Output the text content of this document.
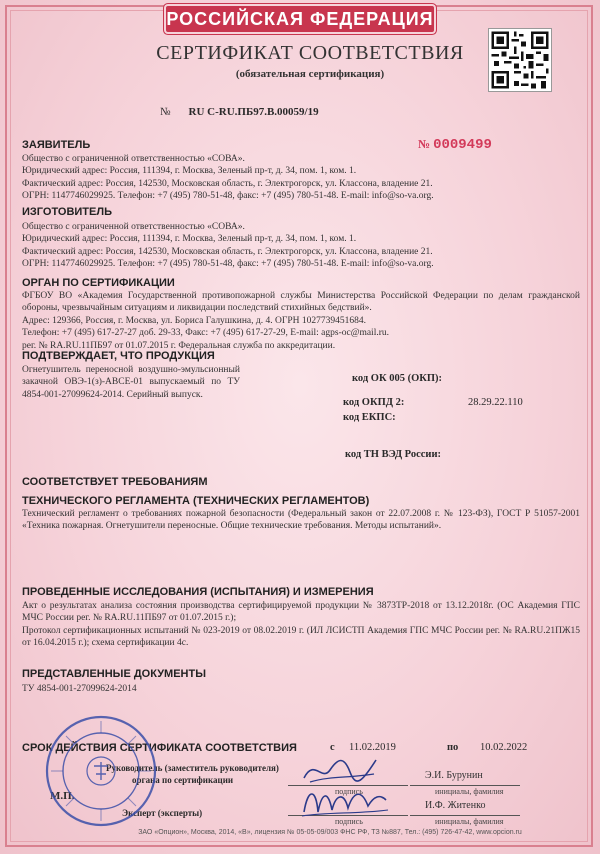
РОССИЙСКАЯ ФЕДЕРАЦИЯ
СЕРТИФИКАТ СООТВЕТСТВИЯ
(обязательная сертификация)
№ RU C-RU.ПБ97.В.00059/19
ЗАЯВИТЕЛЬ	№ 0009499
Общество с ограниченной ответственностью «СОВА».
Юридический адрес: Россия, 111394, г. Москва, Зеленый пр-т, д. 34, пом. 1, ком. 1.
Фактический адрес: Россия, 142530, Московская область, г. Электрогорск, ул. Классона, владение 21.
ОГРН: 1147746029925. Телефон: +7 (495) 780-51-48, факс: +7 (495) 780-51-48. E-mail: info@so-va.org.
ИЗГОТОВИТЕЛЬ
Общество с ограниченной ответственностью «СОВА».
Юридический адрес: Россия, 111394, г. Москва, Зеленый пр-т, д. 34, пом. 1, ком. 1.
Фактический адрес: Россия, 142530, Московская область, г. Электрогорск, ул. Классона, владение 21.
ОГРН: 1147746029925. Телефон: +7 (495) 780-51-48, факс: +7 (495) 780-51-48. E-mail: info@so-va.org.
ОРГАН ПО СЕРТИФИКАЦИИ
ФГБОУ ВО «Академия Государственной противопожарной службы Министерства Российской Федерации по делам гражданской обороны, чрезвычайным ситуациям и ликвидации последствий стихийных бедствий».
Адрес: 129366, Россия, г. Москва, ул. Бориса Галушкина, д. 4. ОГРН 1027739451684.
Телефон: +7 (495) 617-27-27 доб. 29-33, Факс: +7 (495) 617-27-29, E-mail: agps-oc@mail.ru.
рег. № RA.RU.11ПБ97 от 01.07.2015 г. Федеральная служба по аккредитации.
ПОДТВЕРЖДАЕТ, ЧТО ПРОДУКЦИЯ
Огнетушитель переносной воздушно-эмульсионный закачной ОВЭ-1(з)-АВСЕ-01 выпускаемый по ТУ 4854-001-27099624-2014. Серийный выпуск.
код ОК 005 (ОКП):
код ОКПД 2:	28.29.22.110
код ЕКПС:
код ТН ВЭД России:
СООТВЕТСТВУЕТ ТРЕБОВАНИЯМ
ТЕХНИЧЕСКОГО РЕГЛАМЕНТА (ТЕХНИЧЕСКИХ РЕГЛАМЕНТОВ)
Технический регламент о требованиях пожарной безопасности (Федеральный закон от 22.07.2008 г. № 123-ФЗ), ГОСТ Р 51057-2001 «Техника пожарная. Огнетушители переносные. Общие технические требования. Методы испытаний».
ПРОВЕДЕННЫЕ ИССЛЕДОВАНИЯ (ИСПЫТАНИЯ) И ИЗМЕРЕНИЯ
Акт о результатах анализа состояния производства сертифицируемой продукции № 3873ТР-2018 от 13.12.2018г. (ОС Академия ГПС МЧС России рег. № RA.RU.11ПБ97 от 01.07.2015 г.);
Протокол сертификационных испытаний № 023-2019 от 08.02.2019 г. (ИЛ ЛСИСТП Академия ГПС МЧС России рег. № RA.RU.21ПЖ15 от 16.04.2015 г.); схема сертификации 4с.
ПРЕДСТАВЛЕННЫЕ ДОКУМЕНТЫ
ТУ 4854-001-27099624-2014
СРОК ДЕЙСТВИЯ СЕРТИФИКАТА СООТВЕТСТВИЯ	с 11.02.2019	по 10.02.2022
Руководитель (заместитель руководителя)
органа по сертификации
подпись
Э.И. Бурунин
инициалы, фамилия
М.П.
Эксперт (эксперты)
подпись
И.Ф. Житенко
инициалы, фамилия
ЗАО «Опцион», Москва, 2014, «В», лицензия № 05-05-09/003 ФНС РФ, ТЗ №887, Тел.: (495) 726-47-42, www.opcion.ru
